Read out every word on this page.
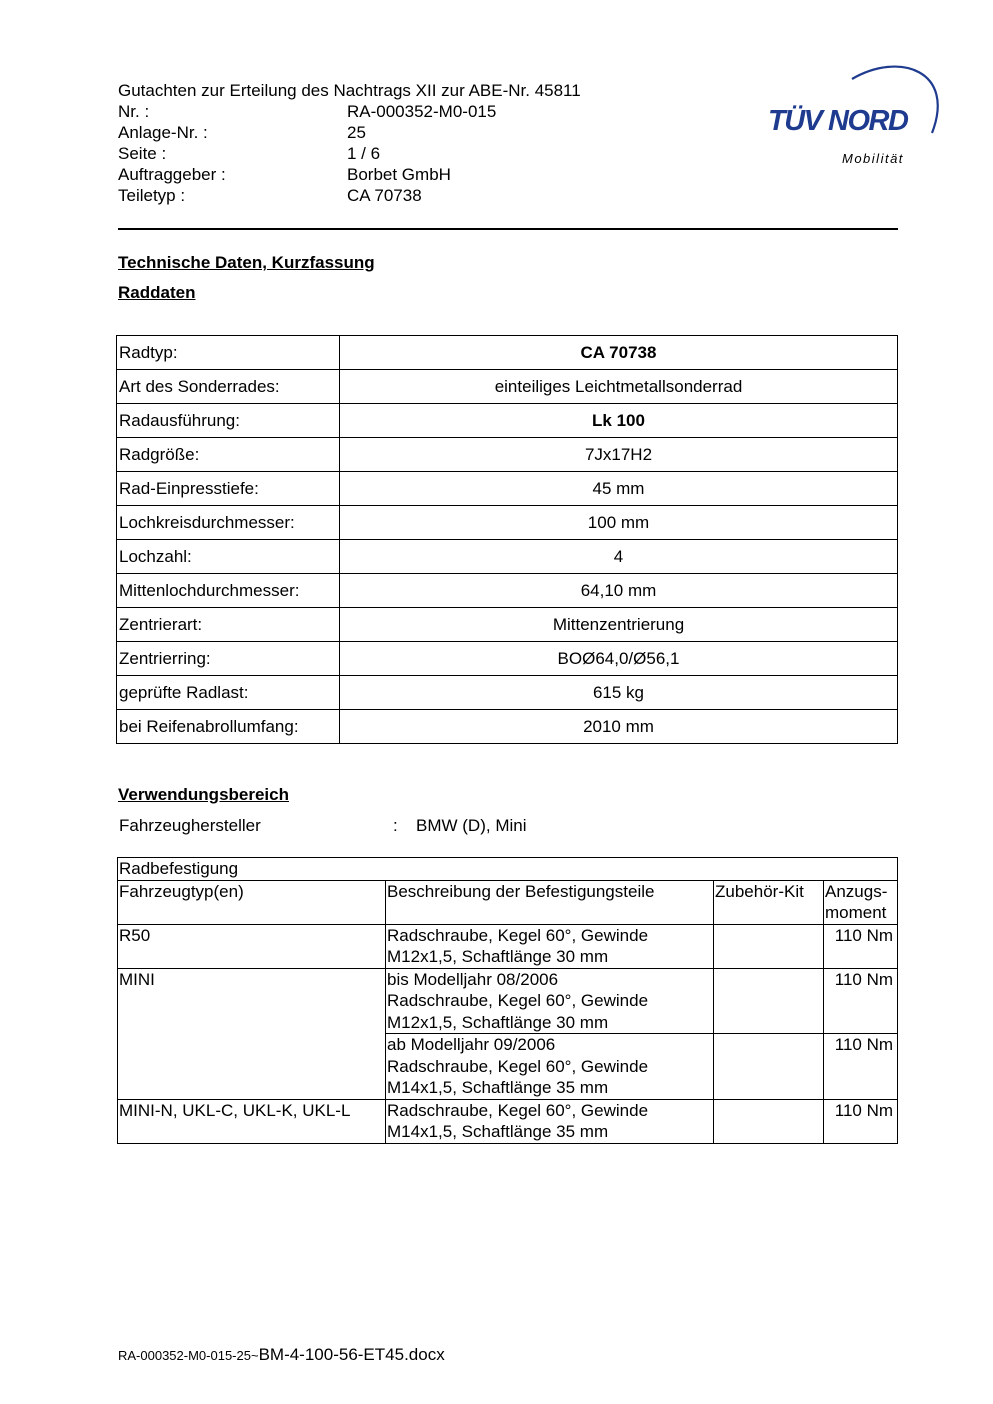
Gutachten zur Erteilung des Nachtrags XII zur ABE-Nr. 45811
Nr. :	RA-000352-M0-015
Anlage-Nr. :	25
Seite :	1 / 6
Auftraggeber :	Borbet GmbH
Teiletyp :	CA 70738
TÜV NORD
Mobilität
Technische Daten, Kurzfassung
Raddaten
Radtyp:	CA 70738
Art des Sonderrades:	einteiliges Leichtmetallsonderrad
Radausführung:	Lk 100
Radgröße:	7Jx17H2
Rad-Einpresstiefe:	45 mm
Lochkreisdurchmesser:	100 mm
Lochzahl:	4
Mittenlochdurchmesser:	64,10 mm
Zentrierart:	Mittenzentrierung
Zentrierring:	BOØ64,0/Ø56,1
geprüfte Radlast:	615 kg
bei Reifenabrollumfang:	2010 mm
Verwendungsbereich
Fahrzeughersteller	: BMW (D), Mini
Radbefestigung			
Fahrzeugtyp(en)	Beschreibung der Befestigungsteile	Zubehör-Kit	Anzugs-
moment

R50	Radschraube, Kegel 60°, Gewinde
M12x1,5, Schaftlänge 30 mm		110 Nm
MINI	bis Modelljahr 08/2006
Radschraube, Kegel 60°, Gewinde
M12x1,5, Schaftlänge 30 mm		110 Nm

	ab Modelljahr 09/2006
Radschraube, Kegel 60°, Gewinde
M14x1,5, Schaftlänge 35 mm		110 Nm
MINI-N, UKL-C, UKL-K, UKL-L	Radschraube, Kegel 60°, Gewinde
M14x1,5, Schaftlänge 35 mm		110 Nm
RA-000352-M0-015-25~BM-4-100-56-ET45.docx
